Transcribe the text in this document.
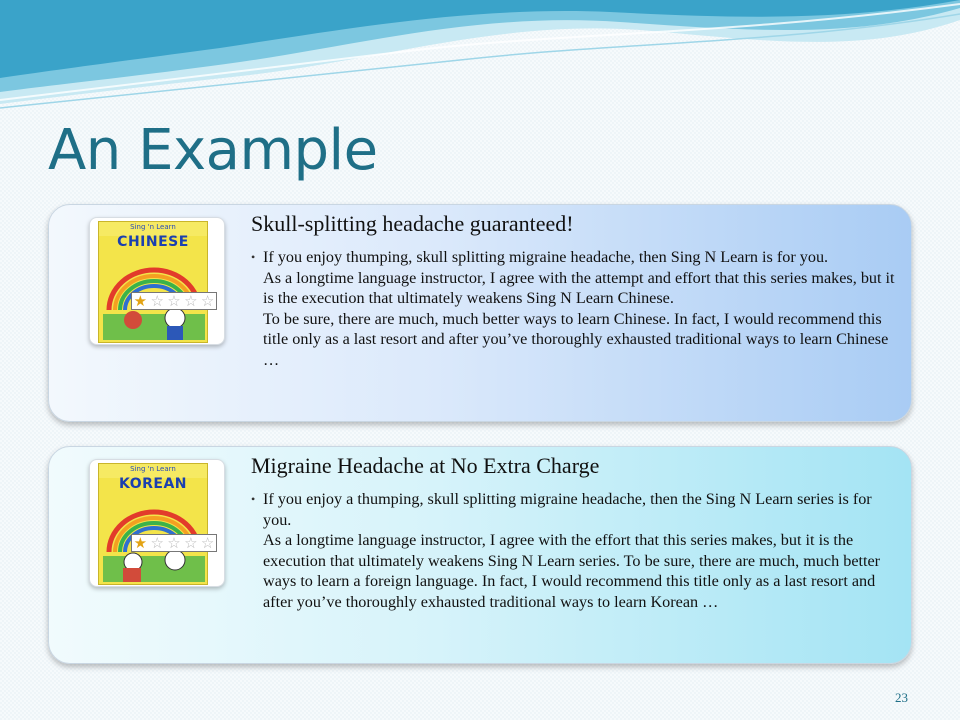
An Example
Sing 'n Learn
CHINESE
★ ☆ ☆ ☆ ☆
Skull-splitting headache guaranteed!
• If you enjoy thumping, skull splitting migraine headache, then Sing N Learn is for you.

As a longtime language instructor, I agree with the attempt and effort that this series makes, but it is the execution that ultimately weakens Sing N Learn Chinese.

To be sure, there are much, much better ways to learn Chinese. In fact, I would recommend this title only as a last resort and after you’ve thoroughly exhausted traditional ways to learn Chinese …

Sing 'n Learn
KOREAN
★ ☆ ☆ ☆ ☆
Migraine Headache at No Extra Charge
• If you enjoy a thumping, skull splitting migraine headache, then the Sing N Learn series is for you.

As a longtime language instructor, I agree with the effort that this series makes, but it is the execution that ultimately weakens Sing N Learn series. To be sure, there are much, much better ways to learn a foreign language. In fact, I would recommend this title only as a last resort and after you’ve thoroughly exhausted traditional ways to learn Korean …

23
